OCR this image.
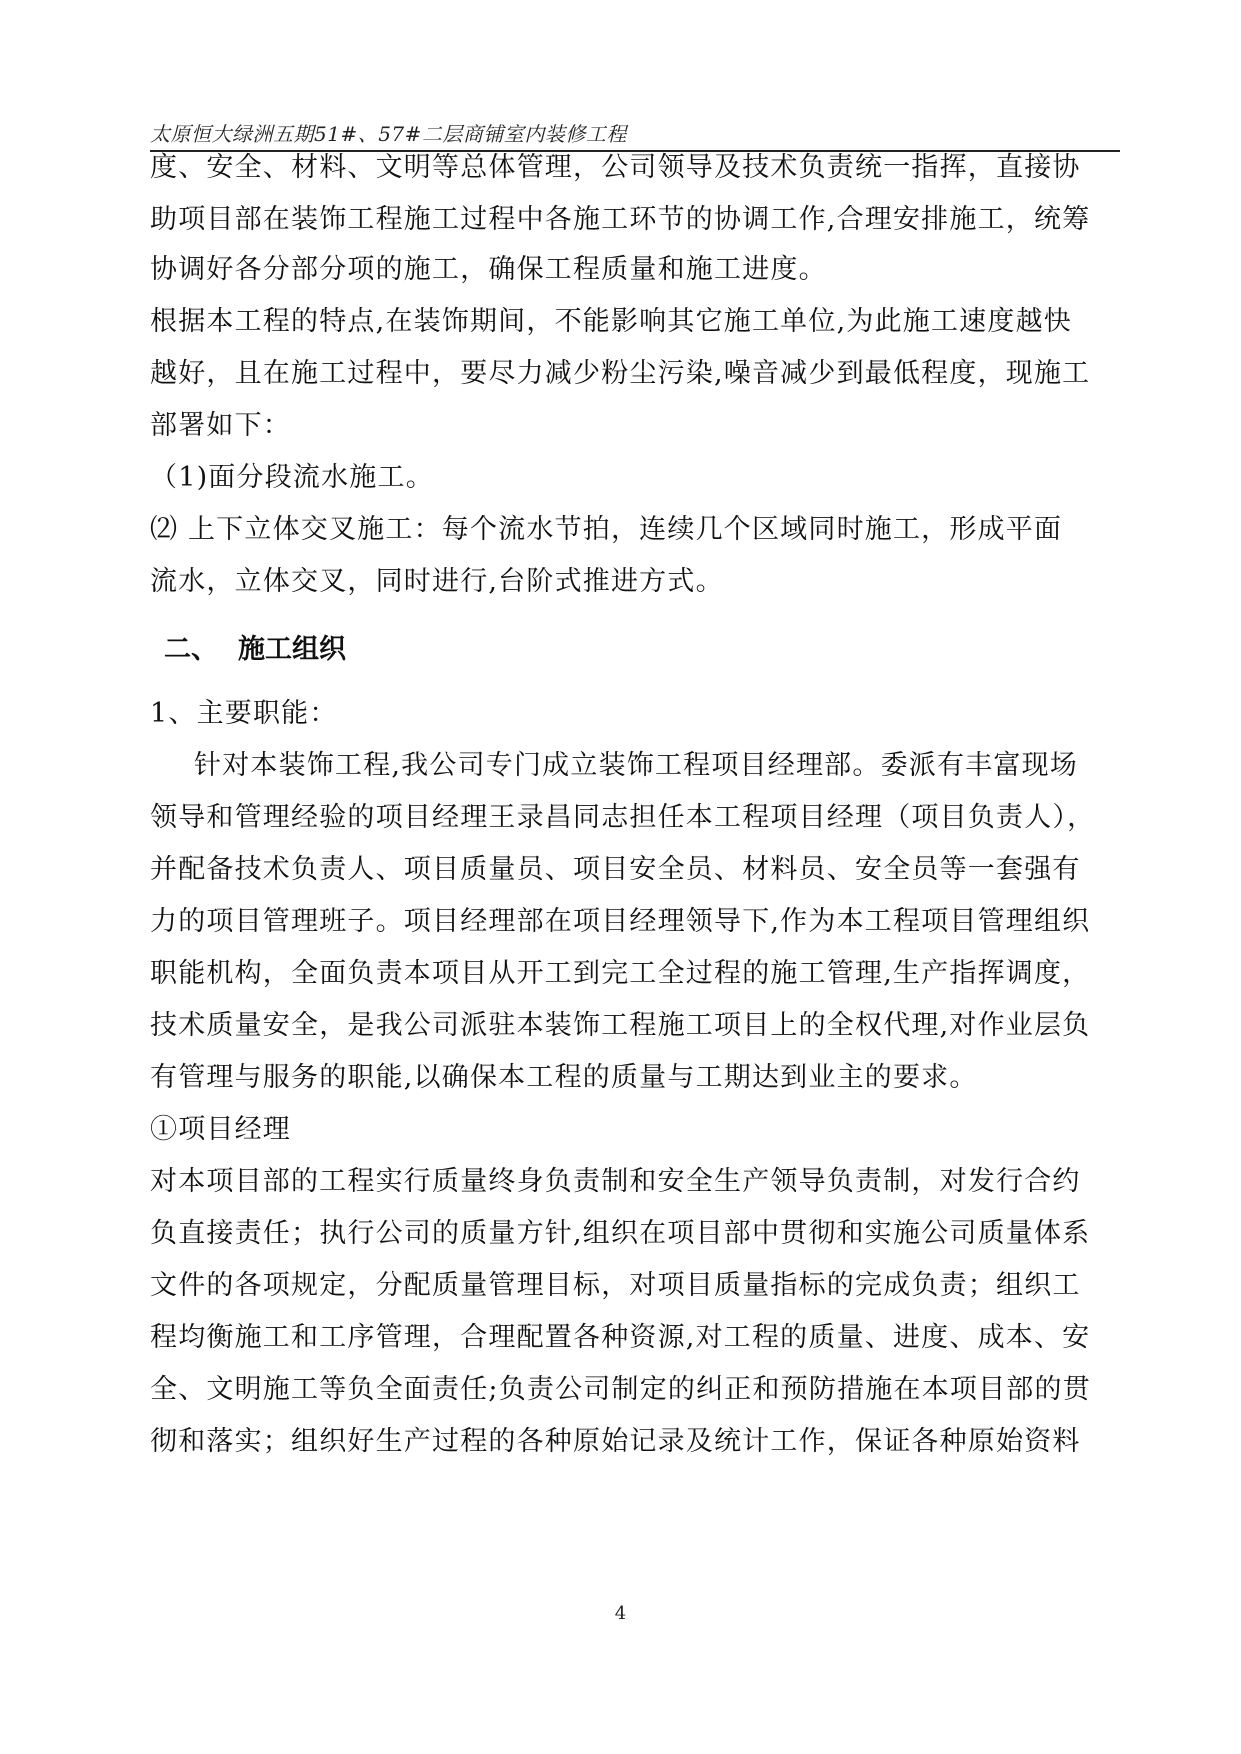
太原恒大绿洲五期51#、57#二层商铺室内装修工程
度、安全、材料、文明等总体管理，公司领导及技术负责统一指挥，直接协
助项目部在装饰工程施工过程中各施工环节的协调工作,合理安排施工，统筹
协调好各分部分项的施工，确保工程质量和施工进度。
根据本工程的特点,在装饰期间，不能影响其它施工单位,为此施工速度越快
越好，且在施工过程中，要尽力减少粉尘污染,噪音减少到最低程度，现施工
部署如下：
（1)面分段流水施工。
⑵ 上下立体交叉施工：每个流水节拍，连续几个区域同时施工，形成平面
流水，立体交叉，同时进行,台阶式推进方式。
二、 施工组织
1、主要职能：
针对本装饰工程,我公司专门成立装饰工程项目经理部。委派有丰富现场
领导和管理经验的项目经理王录昌同志担任本工程项目经理（项目负责人），
并配备技术负责人、项目质量员、项目安全员、材料员、安全员等一套强有
力的项目管理班子。项目经理部在项目经理领导下,作为本工程项目管理组织
职能机构，全面负责本项目从开工到完工全过程的施工管理,生产指挥调度，
技术质量安全，是我公司派驻本装饰工程施工项目上的全权代理,对作业层负
有管理与服务的职能,以确保本工程的质量与工期达到业主的要求。
①项目经理
对本项目部的工程实行质量终身负责制和安全生产领导负责制，对发行合约
负直接责任；执行公司的质量方针,组织在项目部中贯彻和实施公司质量体系
文件的各项规定，分配质量管理目标，对项目质量指标的完成负责；组织工
程均衡施工和工序管理，合理配置各种资源,对工程的质量、进度、成本、安
全、文明施工等负全面责任;负责公司制定的纠正和预防措施在本项目部的贯
彻和落实；组织好生产过程的各种原始记录及统计工作，保证各种原始资料
4
